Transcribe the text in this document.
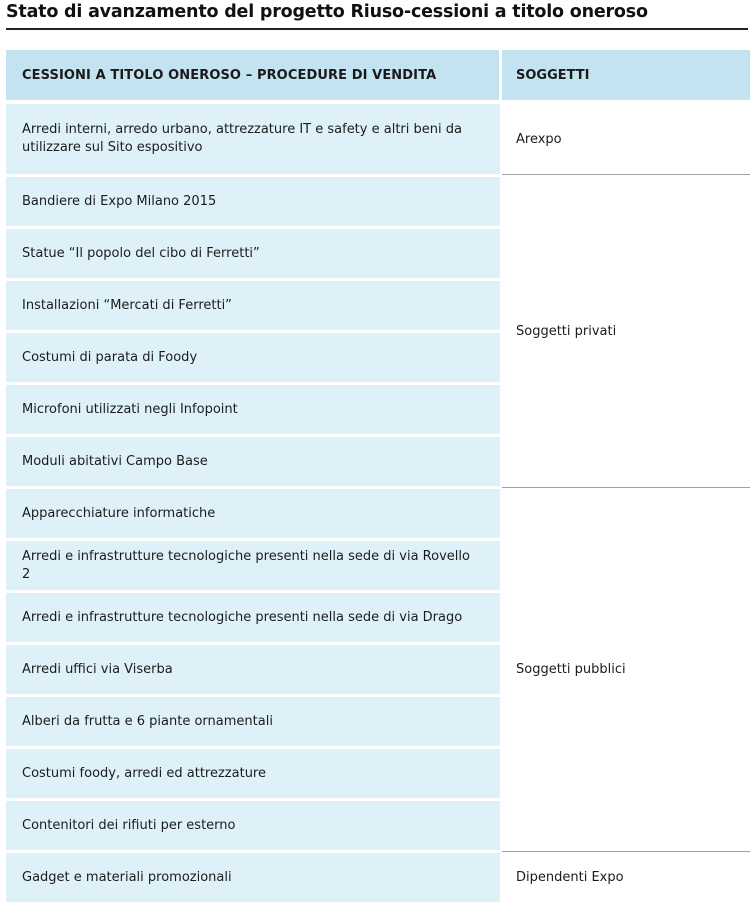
Stato di avanzamento del progetto Riuso-cessioni a titolo oneroso
CESSIONI A TITOLO ONEROSO – PROCEDURE DI VENDITA	SOGGETTI
Arredi interni, arredo urbano, attrezzature IT e safety e altri beni da utilizzare sul Sito espositivo
Bandiere di Expo Milano 2015
Statue “Il popolo del cibo di Ferretti”
Installazioni “Mercati di Ferretti”
Costumi di parata di Foody
Microfoni utilizzati negli Infopoint
Moduli abitativi Campo Base
Apparecchiature informatiche
Arredi e infrastrutture tecnologiche presenti nella sede di via Rovello 2
Arredi e infrastrutture tecnologiche presenti nella sede di via Drago
Arredi uffici via Viserba
Alberi da frutta e 6 piante ornamentali
Costumi foody, arredi ed attrezzature
Contenitori dei rifiuti per esterno
Gadget e materiali promozionali
Arexpo
Soggetti privati
Soggetti pubblici
Dipendenti Expo
